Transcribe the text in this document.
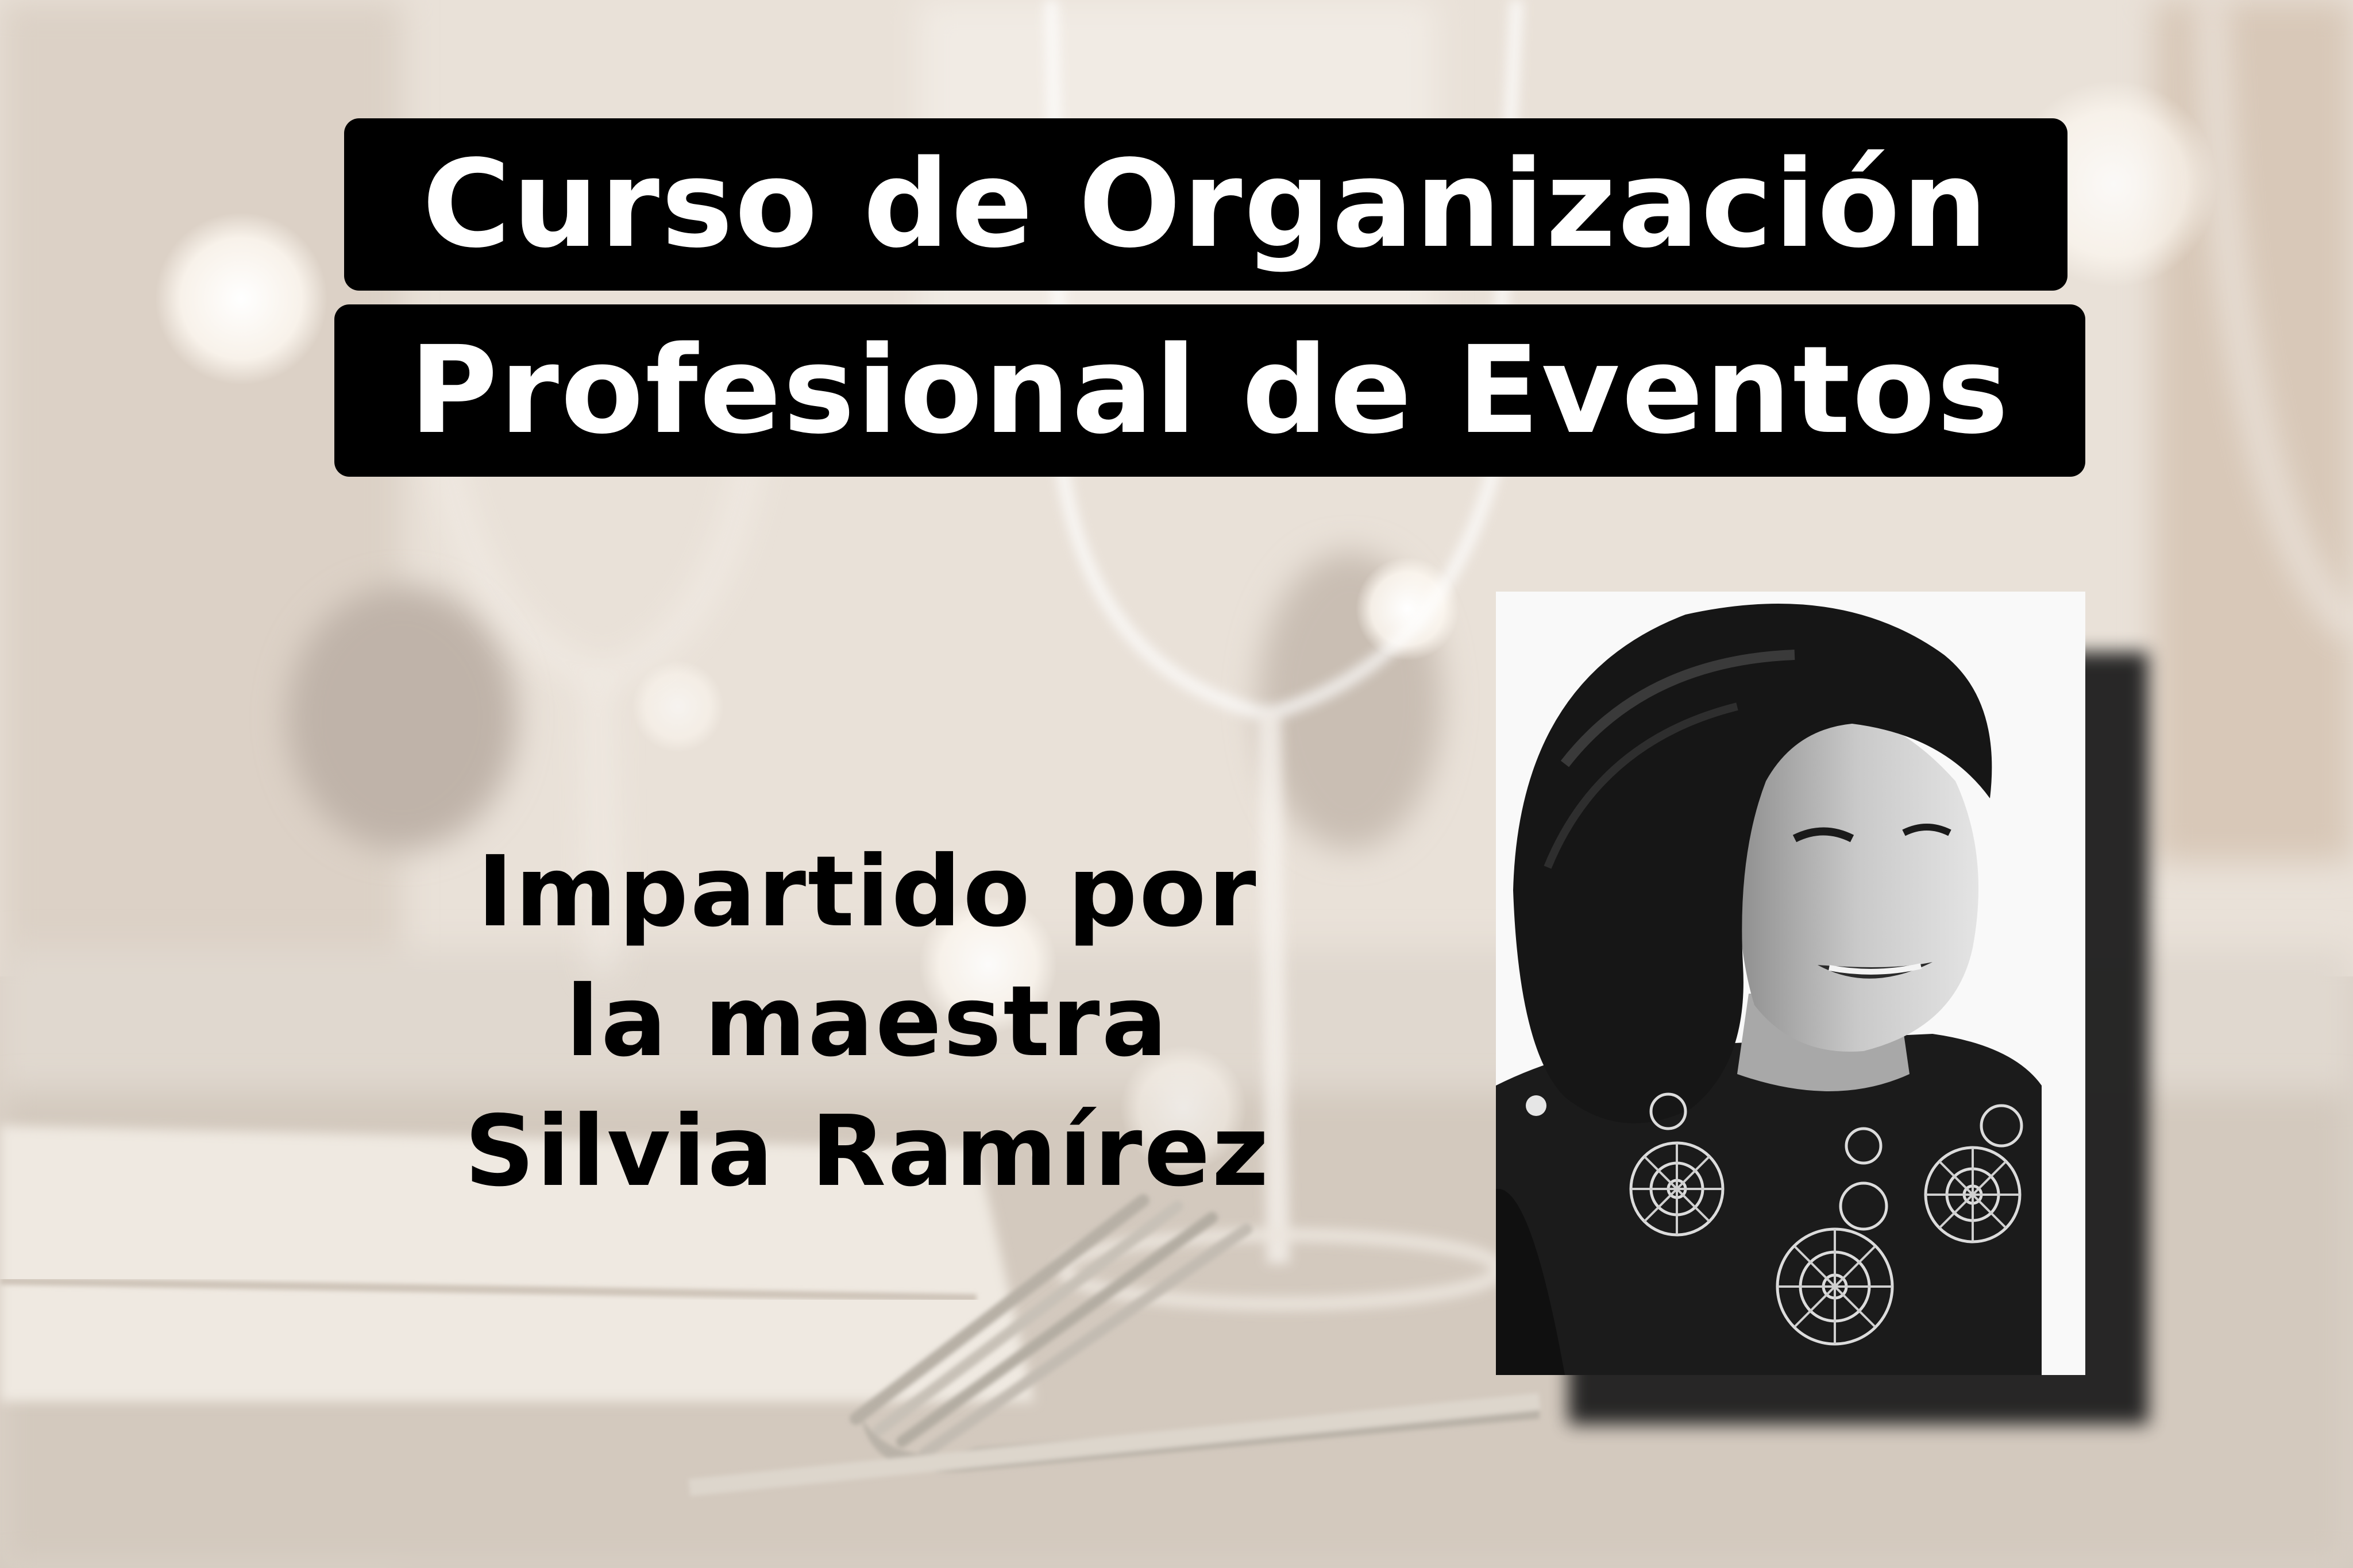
Curso de Organización
Profesional de Eventos
Impartido por
la maestra
Silvia Ramírez
